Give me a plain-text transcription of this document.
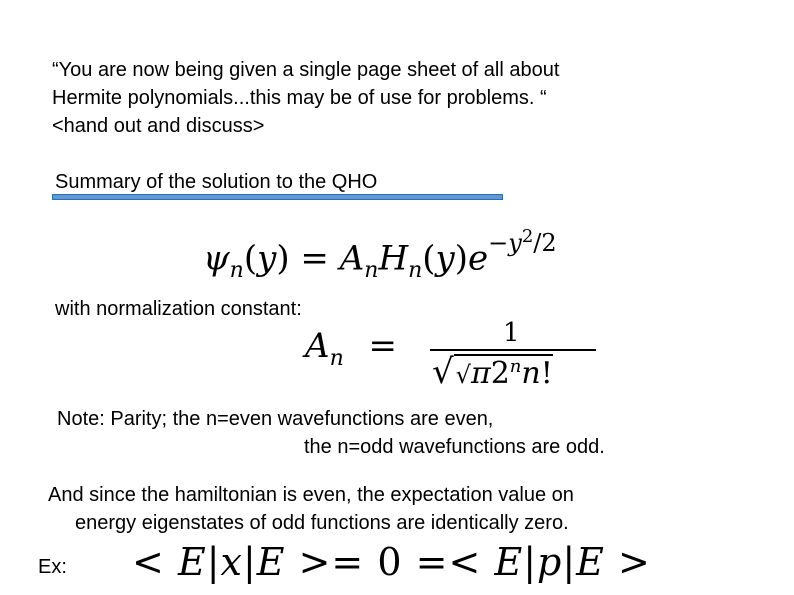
“You are now being given a single page sheet of all about
Hermite polynomials...this may be of use for problems. “
<hand out and discuss>
Summary of the solution to the QHO
$\psi_n(y) = A_nH_n(y)e^{-y^2/2}$
with normalization constant:
$A_n$ =	1
√√π2$^n$n!
Note: Parity; the n=even wavefunctions are even,
the n=odd wavefunctions are odd.
And since the hamiltonian is even, the expectation value on
energy eigenstates of odd functions are identically zero.
Ex: < E|x|E >= 0 =< E|p|E >
